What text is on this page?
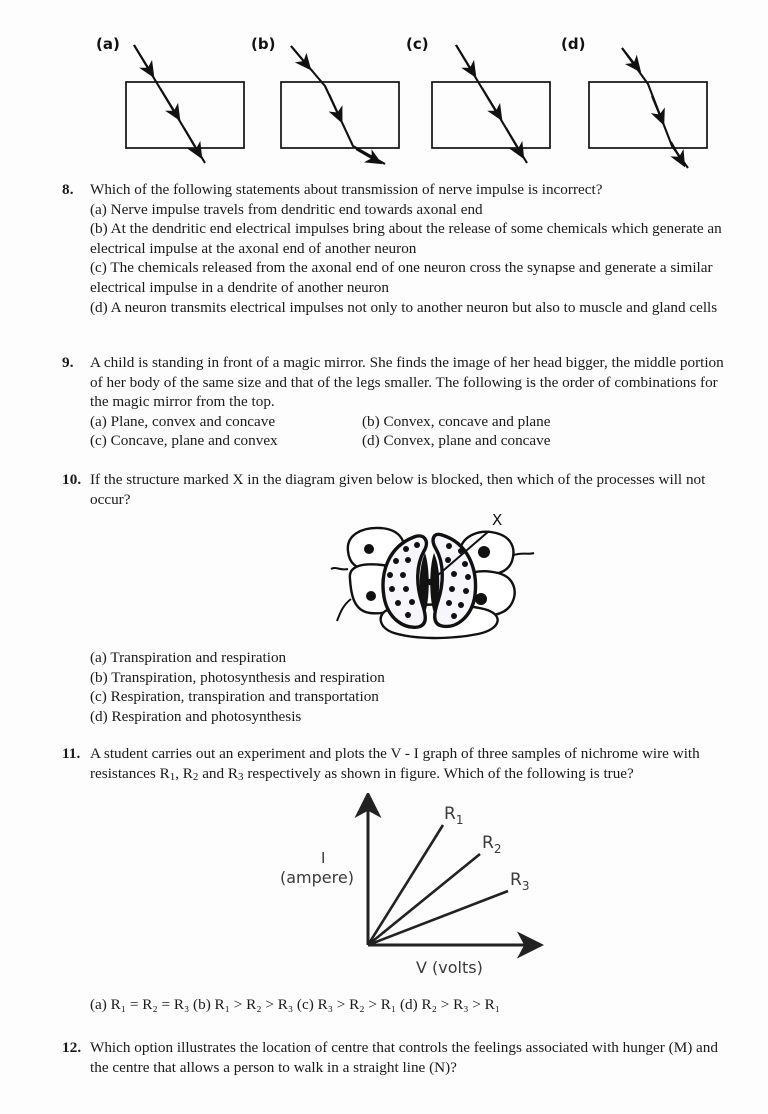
(a)	(b)	(c)	(d)
8.	Which of the following statements about transmission of nerve impulse is incorrect?

(a) Nerve impulse travels from dendritic end towards axonal end

(b) At the dendritic end electrical impulses bring about the release of some chemicals which generate an electrical impulse at the axonal end of another neuron

(c) The chemicals released from the axonal end of one neuron cross the synapse and generate a similar electrical impulse in a dendrite of another neuron

(d) A neuron transmits electrical impulses not only to another neuron but also to muscle and gland cells

9.	A child is standing in front of a magic mirror. She finds the image of her head bigger, the middle portion of her body of the same size and that of the legs smaller. The following is the order of combinations for the magic mirror from the top.

(a) Plane, convex and concave	(b) Convex, concave and plane
(c) Concave, plane and convex	(d) Convex, plane and concave
10. If the structure marked X in the diagram given below is blocked, then which of the processes will not occur?

X

(a) Transpiration and respiration

(b) Transpiration, photosynthesis and respiration

(c) Respiration, transpiration and transportation

(d) Respiration and photosynthesis

11. A student carries out an experiment and plots the V - I graph of three samples of nichrome wire with resistances $R_1$, $R_2$ and $R_3$ respectively as shown in figure. Which of the following is true?

$R_1$
$R_2$
$R_3$
I
(ampere)
V (volts)

(a) R₁ = R₂ = R₃ (b) R₁ > R₂ > R₃ (c) R₃ > R₂ > R₁ (d) R₂ > R₃ > R₁

12. Which option illustrates the location of centre that controls the feelings associated with hunger (M) and the centre that allows a person to walk in a straight line (N)?
